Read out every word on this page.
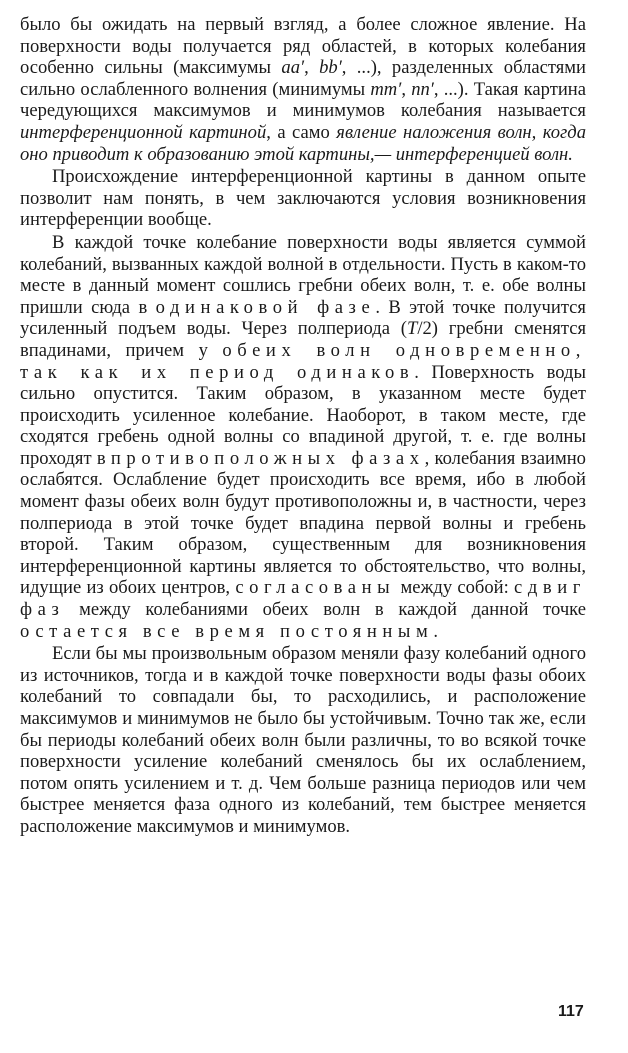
было бы ожидать на первый взгляд, а более сложное явление. На поверхности воды получается ряд областей, в которых колебания особенно сильны (максимумы aa′, bb′, ...), разделенных областями сильно ослабленного волнения (минимумы mm′, nn′, ...). Такая картина чередующихся максимумов и минимумов колебания называется интерференционной картиной, а само явление наложения волн, когда оно приводит к образованию этой картины,— интерференцией волн.

Происхождение интерференционной картины в данном опыте позволит нам понять, в чем заключаются условия возникновения интерференции вообще.

В каждой точке колебание поверхности воды является суммой колебаний, вызванных каждой волной в отдельности. Пусть в каком-то месте в данный момент сошлись гребни обеих волн, т. е. обе волны пришли сюда в одинаковой фазе. В этой точке получится усиленный подъем воды. Через полпериода (T/2) гребни сменятся впадинами, причем у обеих волн одновременно, так как их период одинаков. Поверхность воды сильно опустится. Таким образом, в указанном месте будет происходить усиленное колебание. Наоборот, в таком месте, где сходятся гребень одной волны со впадиной другой, т. е. где волны проходят в противоположных фазах, колебания взаимно ослабятся. Ослабление будет происходить все время, ибо в любой момент фазы обеих волн будут противоположны и, в частности, через полпериода в этой точке будет впадина первой волны и гребень второй. Таким образом, существенным для возникновения интерференционной картины является то обстоятельство, что волны, идущие из обоих центров, согласованы между собой: сдвиг фаз между колебаниями обеих волн в каждой данной точке остается все время постоянным.

Если бы мы произвольным образом меняли фазу колебаний одного из источников, тогда и в каждой точке поверхности воды фазы обоих колебаний то совпадали бы, то расходились, и расположение максимумов и минимумов не было бы устойчивым. Точно так же, если бы периоды колебаний обеих волн были различны, то во всякой точке поверхности усиление колебаний сменялось бы их ослаблением, потом опять усилением и т. д. Чем больше разница периодов или чем быстрее меняется фаза одного из колебаний, тем быстрее меняется расположение максимумов и минимумов.

117
